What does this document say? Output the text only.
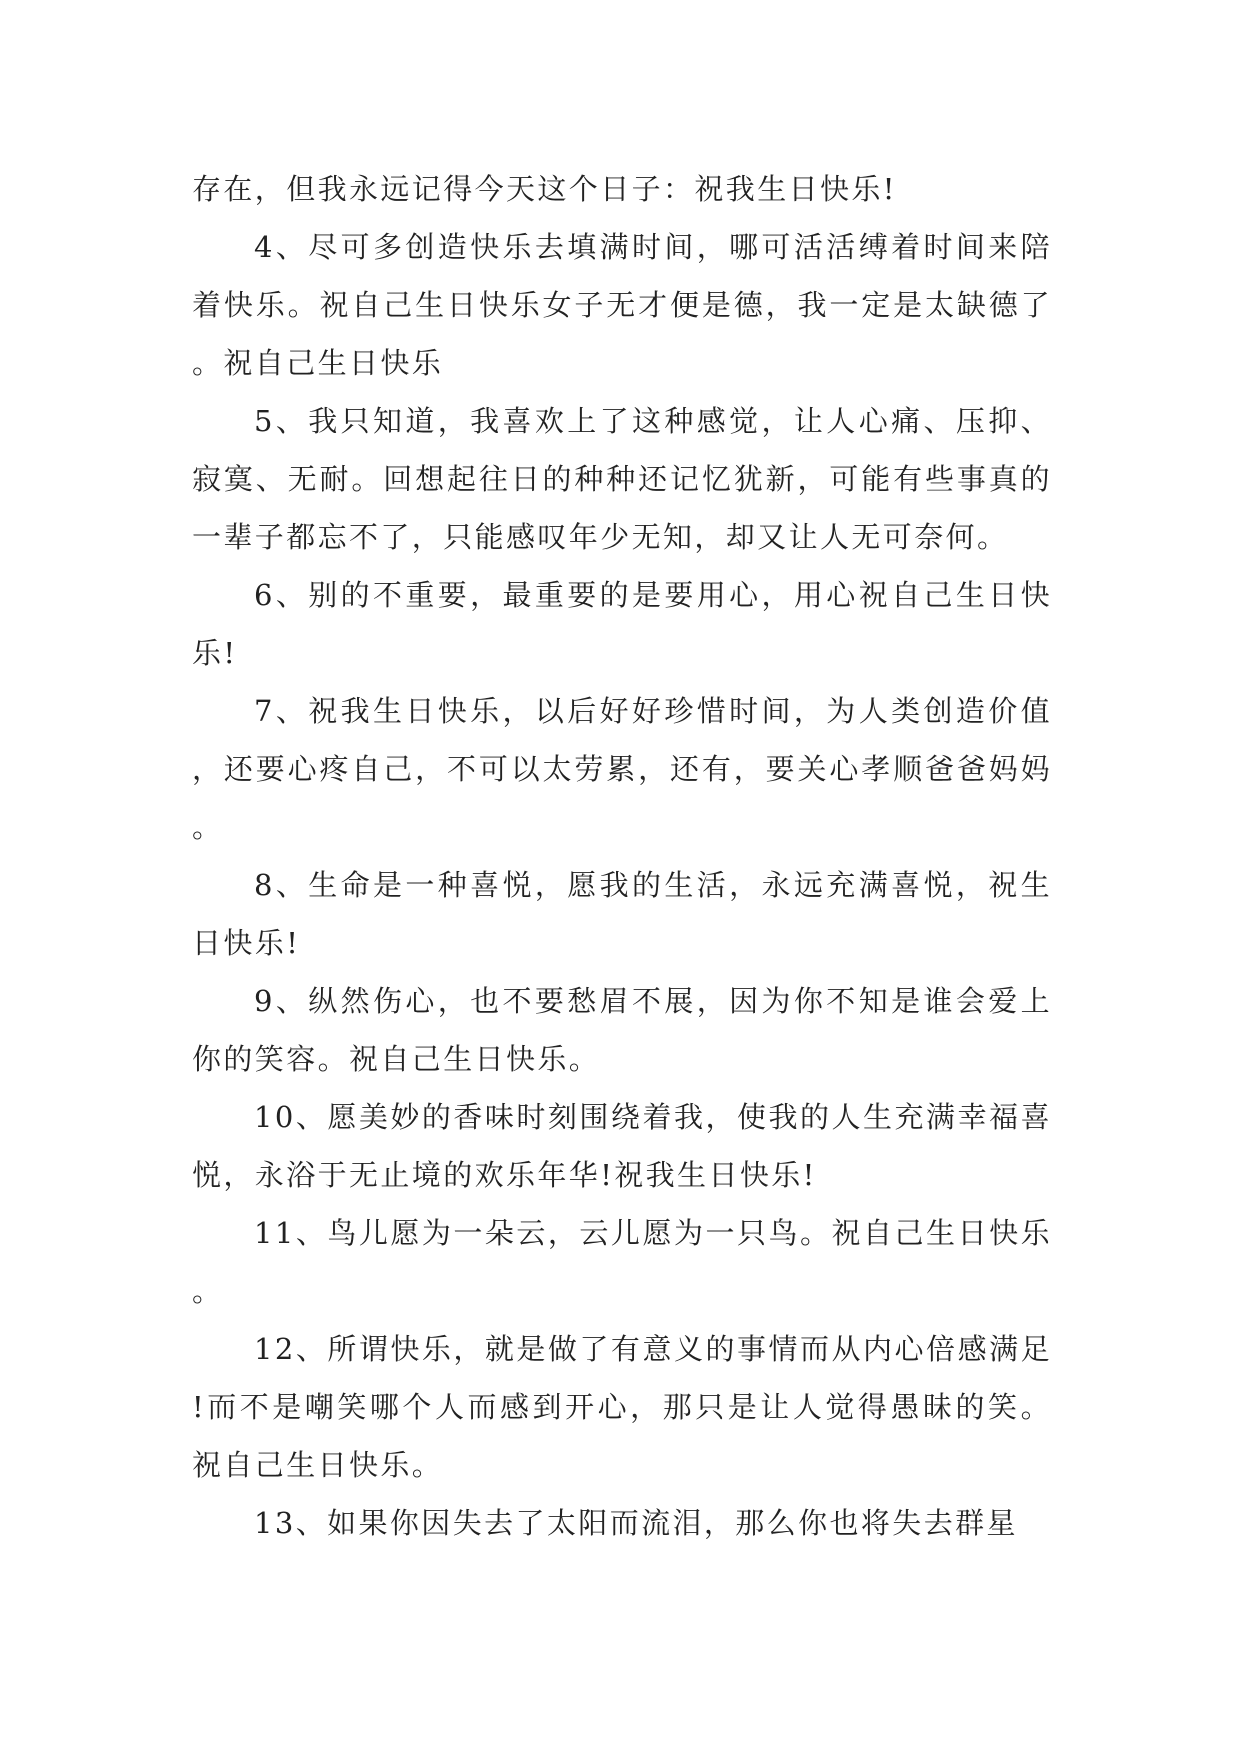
存在，但我永远记得今天这个日子：祝我生日快乐!

4、尽可多创造快乐去填满时间，哪可活活缚着时间来陪着快乐。祝自己生日快乐女子无才便是德，我一定是太缺德了。祝自己生日快乐

5、我只知道，我喜欢上了这种感觉，让人心痛、压抑、寂寞、无耐。回想起往日的种种还记忆犹新，可能有些事真的一辈子都忘不了，只能感叹年少无知，却又让人无可奈何。

6、别的不重要，最重要的是要用心，用心祝自己生日快乐!

7、祝我生日快乐，以后好好珍惜时间，为人类创造价值，还要心疼自己，不可以太劳累，还有，要关心孝顺爸爸妈妈。

8、生命是一种喜悦，愿我的生活，永远充满喜悦，祝生日快乐!

9、纵然伤心，也不要愁眉不展，因为你不知是谁会爱上你的笑容。祝自己生日快乐。

10、愿美妙的香味时刻围绕着我，使我的人生充满幸福喜悦，永浴于无止境的欢乐年华!祝我生日快乐!

11、鸟儿愿为一朵云，云儿愿为一只鸟。祝自己生日快乐。

12、所谓快乐，就是做了有意义的事情而从内心倍感满足!而不是嘲笑哪个人而感到开心，那只是让人觉得愚昧的笑。祝自己生日快乐。

13、如果你因失去了太阳而流泪，那么你也将失去群星
